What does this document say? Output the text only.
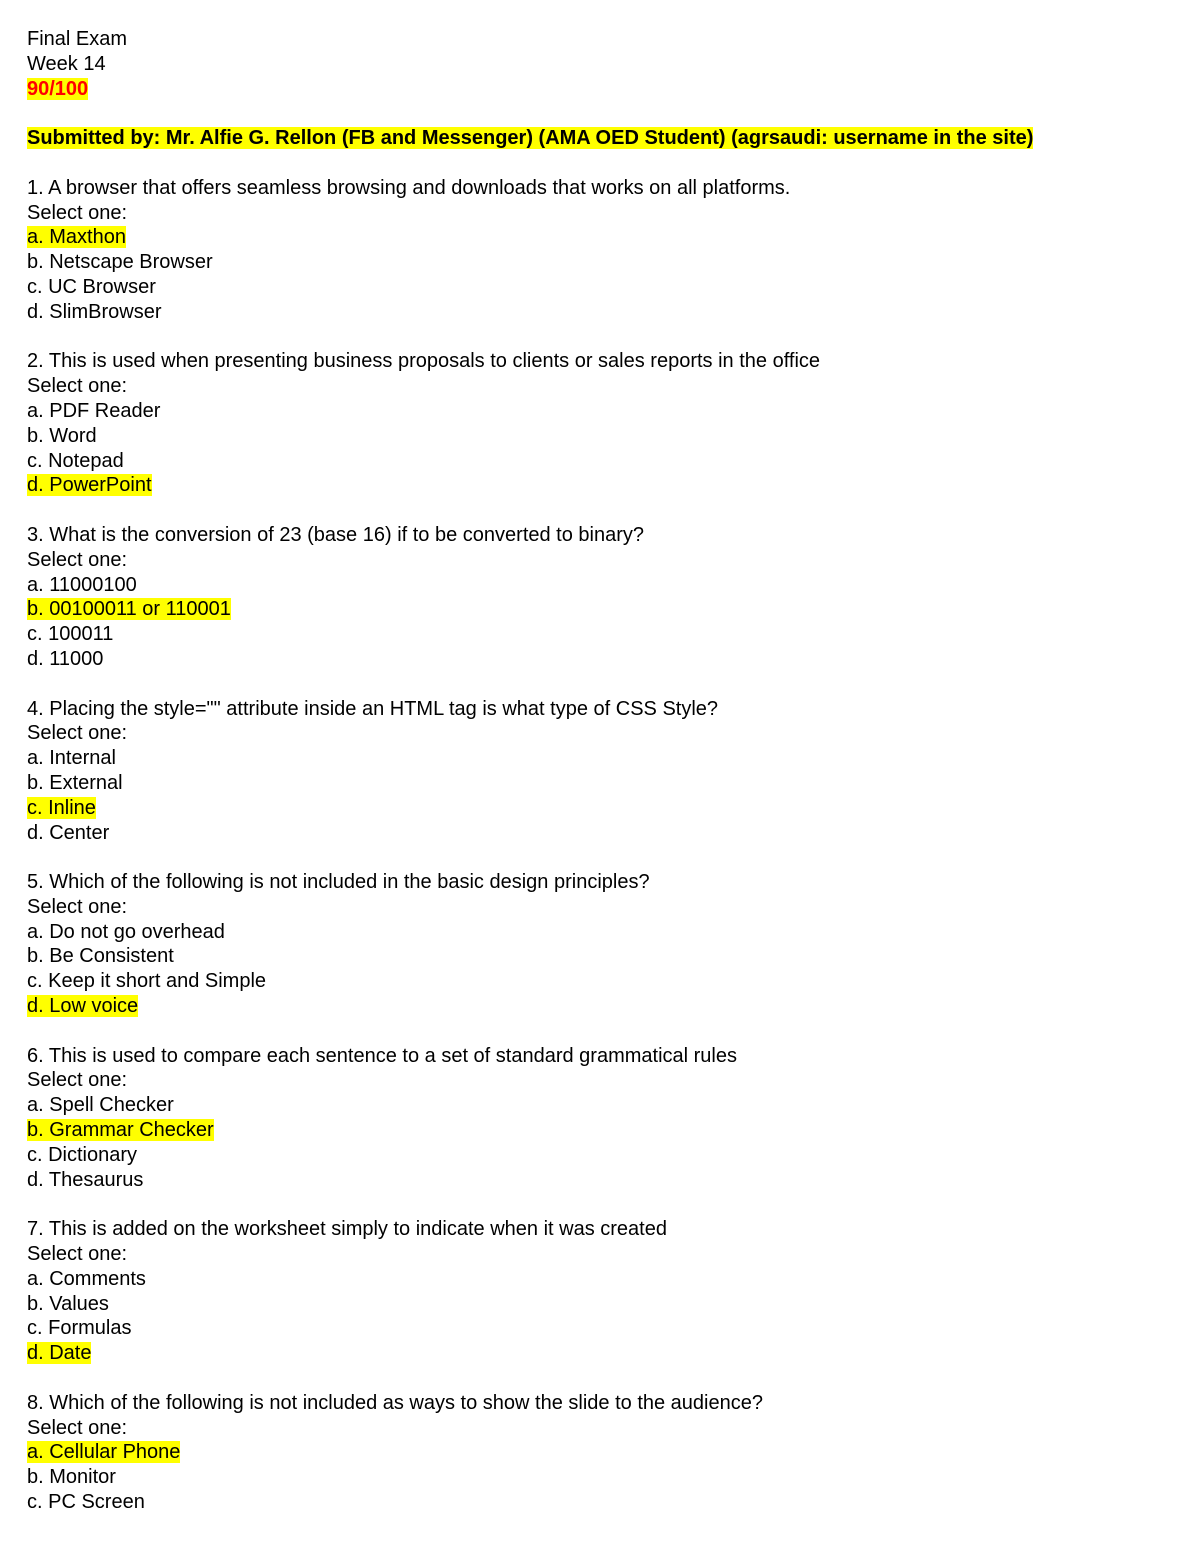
Final Exam
Week 14
90/100
Submitted by: Mr. Alfie G. Rellon (FB and Messenger) (AMA OED Student) (agrsaudi: username in the site)
1. A browser that offers seamless browsing and downloads that works on all platforms.
Select one:
a. Maxthon
b. Netscape Browser
c. UC Browser
d. SlimBrowser
2. This is used when presenting business proposals to clients or sales reports in the office
Select one:
a. PDF Reader
b. Word
c. Notepad
d. PowerPoint
3. What is the conversion of 23 (base 16) if to be converted to binary?
Select one:
a. 11000100
b. 00100011 or 110001
c. 100011
d. 11000
4. Placing the style="" attribute inside an HTML tag is what type of CSS Style?
Select one:
a. Internal
b. External
c. Inline
d. Center
5. Which of the following is not included in the basic design principles?
Select one:
a. Do not go overhead
b. Be Consistent
c. Keep it short and Simple
d. Low voice
6. This is used to compare each sentence to a set of standard grammatical rules
Select one:
a. Spell Checker
b. Grammar Checker
c. Dictionary
d. Thesaurus
7. This is added on the worksheet simply to indicate when it was created
Select one:
a. Comments
b. Values
c. Formulas
d. Date
8. Which of the following is not included as ways to show the slide to the audience?
Select one:
a. Cellular Phone
b. Monitor
c. PC Screen
